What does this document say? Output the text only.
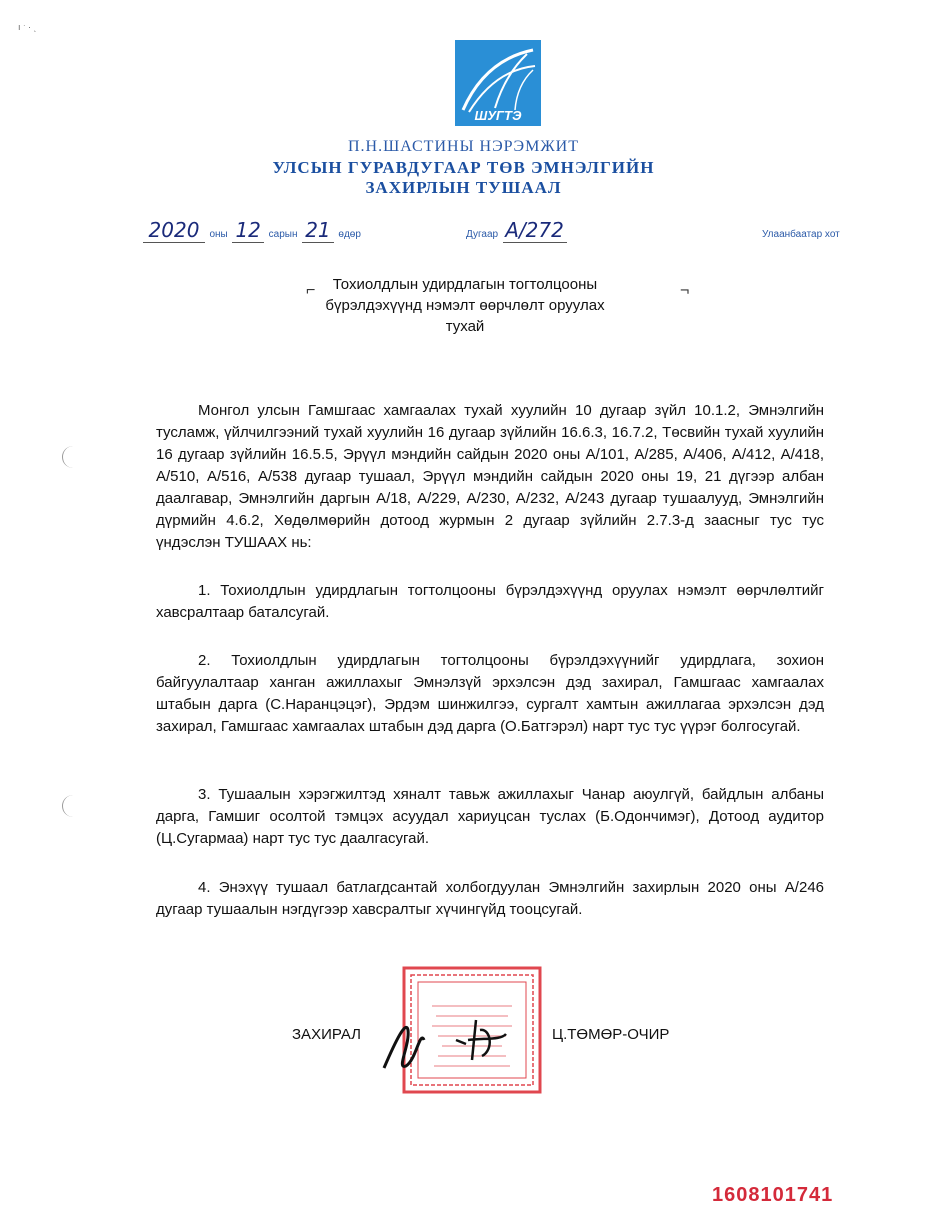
ı ˑ · ˎ
ШУГТЭ
П.Н.ШАСТИНЫ НЭРЭМЖИТ
УЛСЫН ГУРАВДУГААР ТӨВ ЭМНЭЛГИЙН
ЗАХИРЛЫН ТУШААЛ
2020 оны 12 сарын 21 өдөр	Дугаар А/272	Улаанбаатар хот
⌐	¬
Тохиолдлын удирдлагын тогтолцооны
бүрэлдэхүүнд нэмэлт өөрчлөлт оруулах
тухай

Монгол улсын Гамшгаас хамгаалах тухай хуулийн 10 дугаар зүйл 10.1.2, Эмнэлгийн тусламж, үйлчилгээний тухай хуулийн 16 дугаар зүйлийн 16.6.3, 16.7.2, Төсвийн тухай хуулийн 16 дугаар зүйлийн 16.5.5, Эрүүл мэндийн сайдын 2020 оны А/101, А/285, А/406, А/412, А/418, А/510, А/516, А/538 дугаар тушаал, Эрүүл мэндийн сайдын 2020 оны 19, 21 дүгээр албан даалгавар, Эмнэлгийн даргын А/18, А/229, А/230, А/232, А/243 дугаар тушаалууд, Эмнэлгийн дүрмийн 4.6.2, Хөдөлмөрийн дотоод журмын 2 дугаар зүйлийн 2.7.3-д заасныг тус тус үндэслэн ТУШААХ нь:

1. Тохиолдлын удирдлагын тогтолцооны бүрэлдэхүүнд оруулах нэмэлт өөрчлөлтийг хавсралтаар баталсугай.

2. Тохиолдлын удирдлагын тогтолцооны бүрэлдэхүүнийг удирдлага, зохион байгуулалтаар ханган ажиллахыг Эмнэлзүй эрхэлсэн дэд захирал, Гамшгаас хамгаалах штабын дарга (С.Наранцэцэг), Эрдэм шинжилгээ, сургалт хамтын ажиллагаа эрхэлсэн дэд захирал, Гамшгаас хамгаалах штабын дэд дарга (О.Батгэрэл) нарт тус тус үүрэг болгосугай.

3. Тушаалын хэрэгжилтэд хяналт тавьж ажиллахыг Чанар аюулгүй, байдлын албаны дарга, Гамшиг осолтой тэмцэх асуудал хариуцсан туслах (Б.Одончимэг), Дотоод аудитор (Ц.Сугармаа) нарт тус тус даалгасугай.

4. Энэхүү тушаал батлагдсантай холбогдуулан Эмнэлгийн захирлын 2020 оны А/246 дугаар тушаалын нэгдүгээр хавсралтыг хүчингүйд тооцсугай.

ЗАХИРАЛ	Ц.ТӨМӨР-ОЧИР
1608101741
